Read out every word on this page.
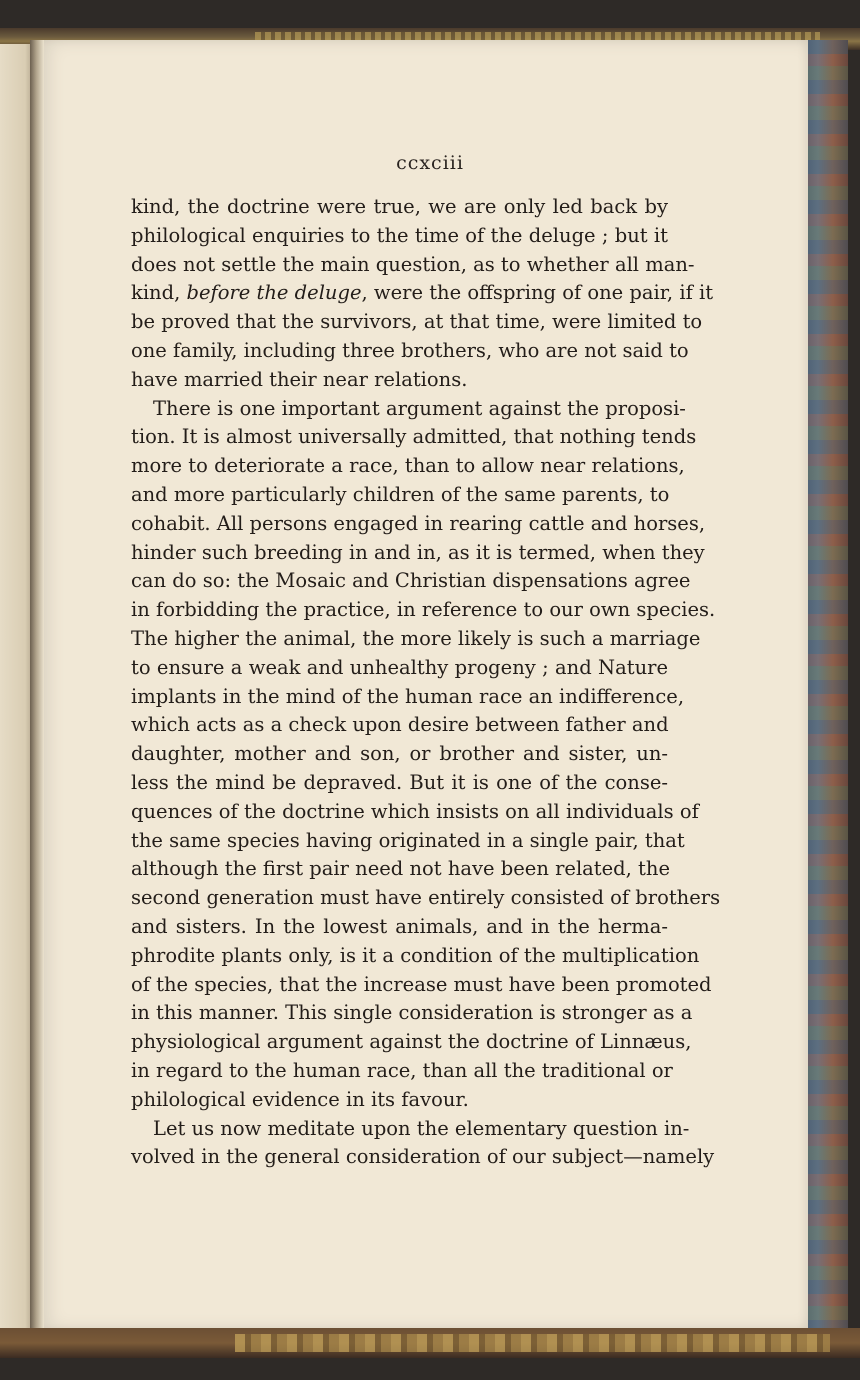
ccxciii
kind, the doctrine were true, we are only led back by
philological enquiries to the time of the deluge ; but it
does not settle the main question, as to whether all man-
kind, before the deluge, were the offspring of one pair, if it
be proved that the survivors, at that time, were limited to
one family, including three brothers, who are not said to
have married their near relations.
There is one important argument against the proposi-
tion. It is almost universally admitted, that nothing tends
more to deteriorate a race, than to allow near relations,
and more particularly children of the same parents, to
cohabit. All persons engaged in rearing cattle and horses,
hinder such breeding in and in, as it is termed, when they
can do so: the Mosaic and Christian dispensations agree
in forbidding the practice, in reference to our own species.
The higher the animal, the more likely is such a marriage
to ensure a weak and unhealthy progeny ; and Nature
implants in the mind of the human race an indifference,
which acts as a check upon desire between father and
daughter, mother and son, or brother and sister, un-
less the mind be depraved. But it is one of the conse-
quences of the doctrine which insists on all individuals of
the same species having originated in a single pair, that
although the first pair need not have been related, the
second generation must have entirely consisted of brothers
and sisters. In the lowest animals, and in the herma-
phrodite plants only, is it a condition of the multiplication
of the species, that the increase must have been promoted
in this manner. This single consideration is stronger as a
physiological argument against the doctrine of Linnæus,
in regard to the human race, than all the traditional or
philological evidence in its favour.
Let us now meditate upon the elementary question in-
volved in the general consideration of our subject—namely
